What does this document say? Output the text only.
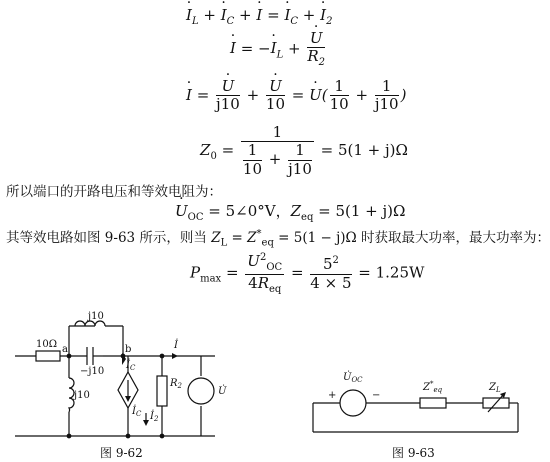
$I \cdot_L + I \cdot_C + I$ · = $I \cdot_C + I \cdot_2$
I · = $-I \cdot_L + \frac{U \cdot}{R_2}$
I · = $\frac{U \cdot}{j10} + \frac{U \cdot}{10} = U$ ·( $\frac{1}{10} + \frac{1}{j10}$ )
$Z_0 = \frac{1}{\frac{1}{10} + \frac{1}{j10}} = 5(1 + j)\Omega$
所以端口的开路电压和等效电阻为：
$U \cdot_{OC}$ = 5∠0°V，$Z_{eq} = 5(1 + j)\Omega$
其等效电路如图 9-63 所示，则当 $Z_L = Z^*_{eq} = 5(1 - j)\Omega$ 时获取最大功率，最大功率为：
$P_{max} = \frac{U^2_{OC}}{4R_{eq}} = \frac{5^2}{4 \times 5} = 1.25W$
10Ω a	b
j10
−j10
j10
$İ_C$
$İ_C$
İ
$R_2$
$İ_2$
U̇
图 9-62
+	−
$U̇_{OC}$
$Z^*_{eq}$	$Z_L$
图 9-63
